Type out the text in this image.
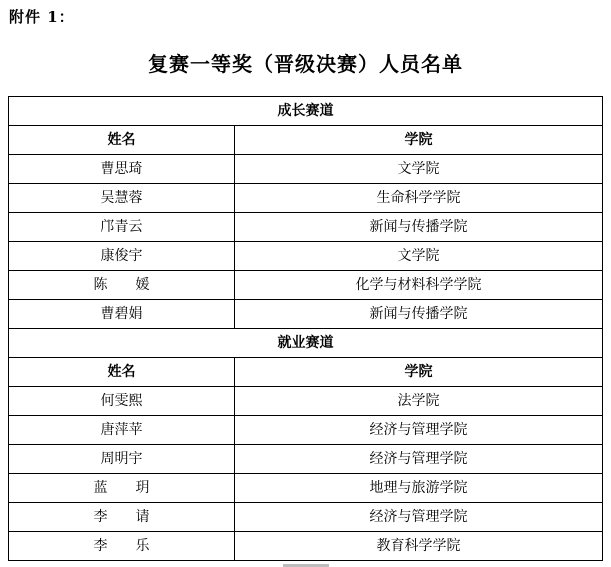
附件 1：
复赛一等奖（晋级决赛）人员名单
成长赛道	
姓名	学院
曹思琦	文学院
吴慧蓉	生命科学学院
邝青云	新闻与传播学院
康俊宇	文学院
陈　　媛	化学与材料科学学院
曹碧娟	新闻与传播学院
就业赛道	
姓名	学院
何雯熙	法学院
唐萍苹	经济与管理学院
周明宇	经济与管理学院
蓝　　玥	地理与旅游学院
李　　请	经济与管理学院
李　　乐	教育科学学院
